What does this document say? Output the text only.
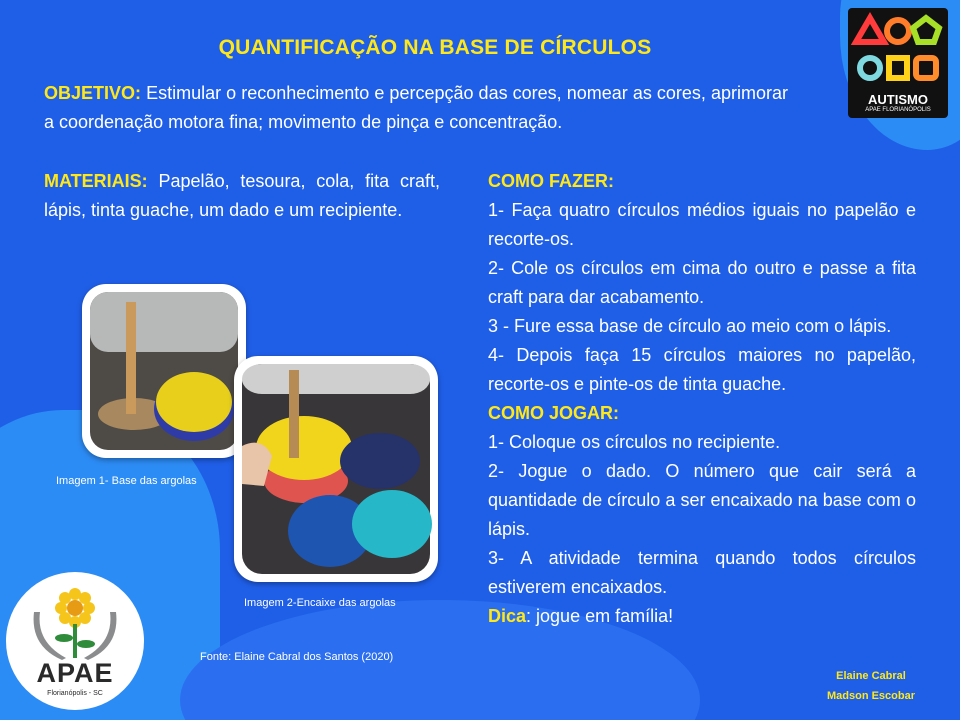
QUANTIFICAÇÃO NA BASE DE CÍRCULOS
OBJETIVO: Estimular o reconhecimento e percepção das cores, nomear as cores, aprimorar a coordenação motora fina; movimento de pinça e concentração.
MATERIAIS: Papelão, tesoura, cola, fita craft, lápis, tinta guache, um dado e um recipiente.

COMO FAZER:

1- Faça quatro círculos médios iguais no papelão e recorte-os.

2- Cole os círculos em cima do outro e passe a fita craft para dar acabamento.

3 - Fure essa base de círculo ao meio com o lápis.

4- Depois faça 15 círculos maiores no papelão, recorte-os e pinte-os de tinta guache.

COMO JOGAR:

1- Coloque os círculos no recipiente.

2- Jogue o dado. O número que cair será a quantidade de círculo a ser encaixado na base com o lápis.

3- A atividade termina quando todos círculos estiverem encaixados.

Dica: jogue em família!

AUTISMO
APAE FLORIANÓPOLIS
Imagem 1- Base das argolas
Imagem 2-Encaixe das argolas
Fonte: Elaine Cabral dos Santos (2020)
APAE
Florianópolis - SC
Elaine Cabral
Madson Escobar
